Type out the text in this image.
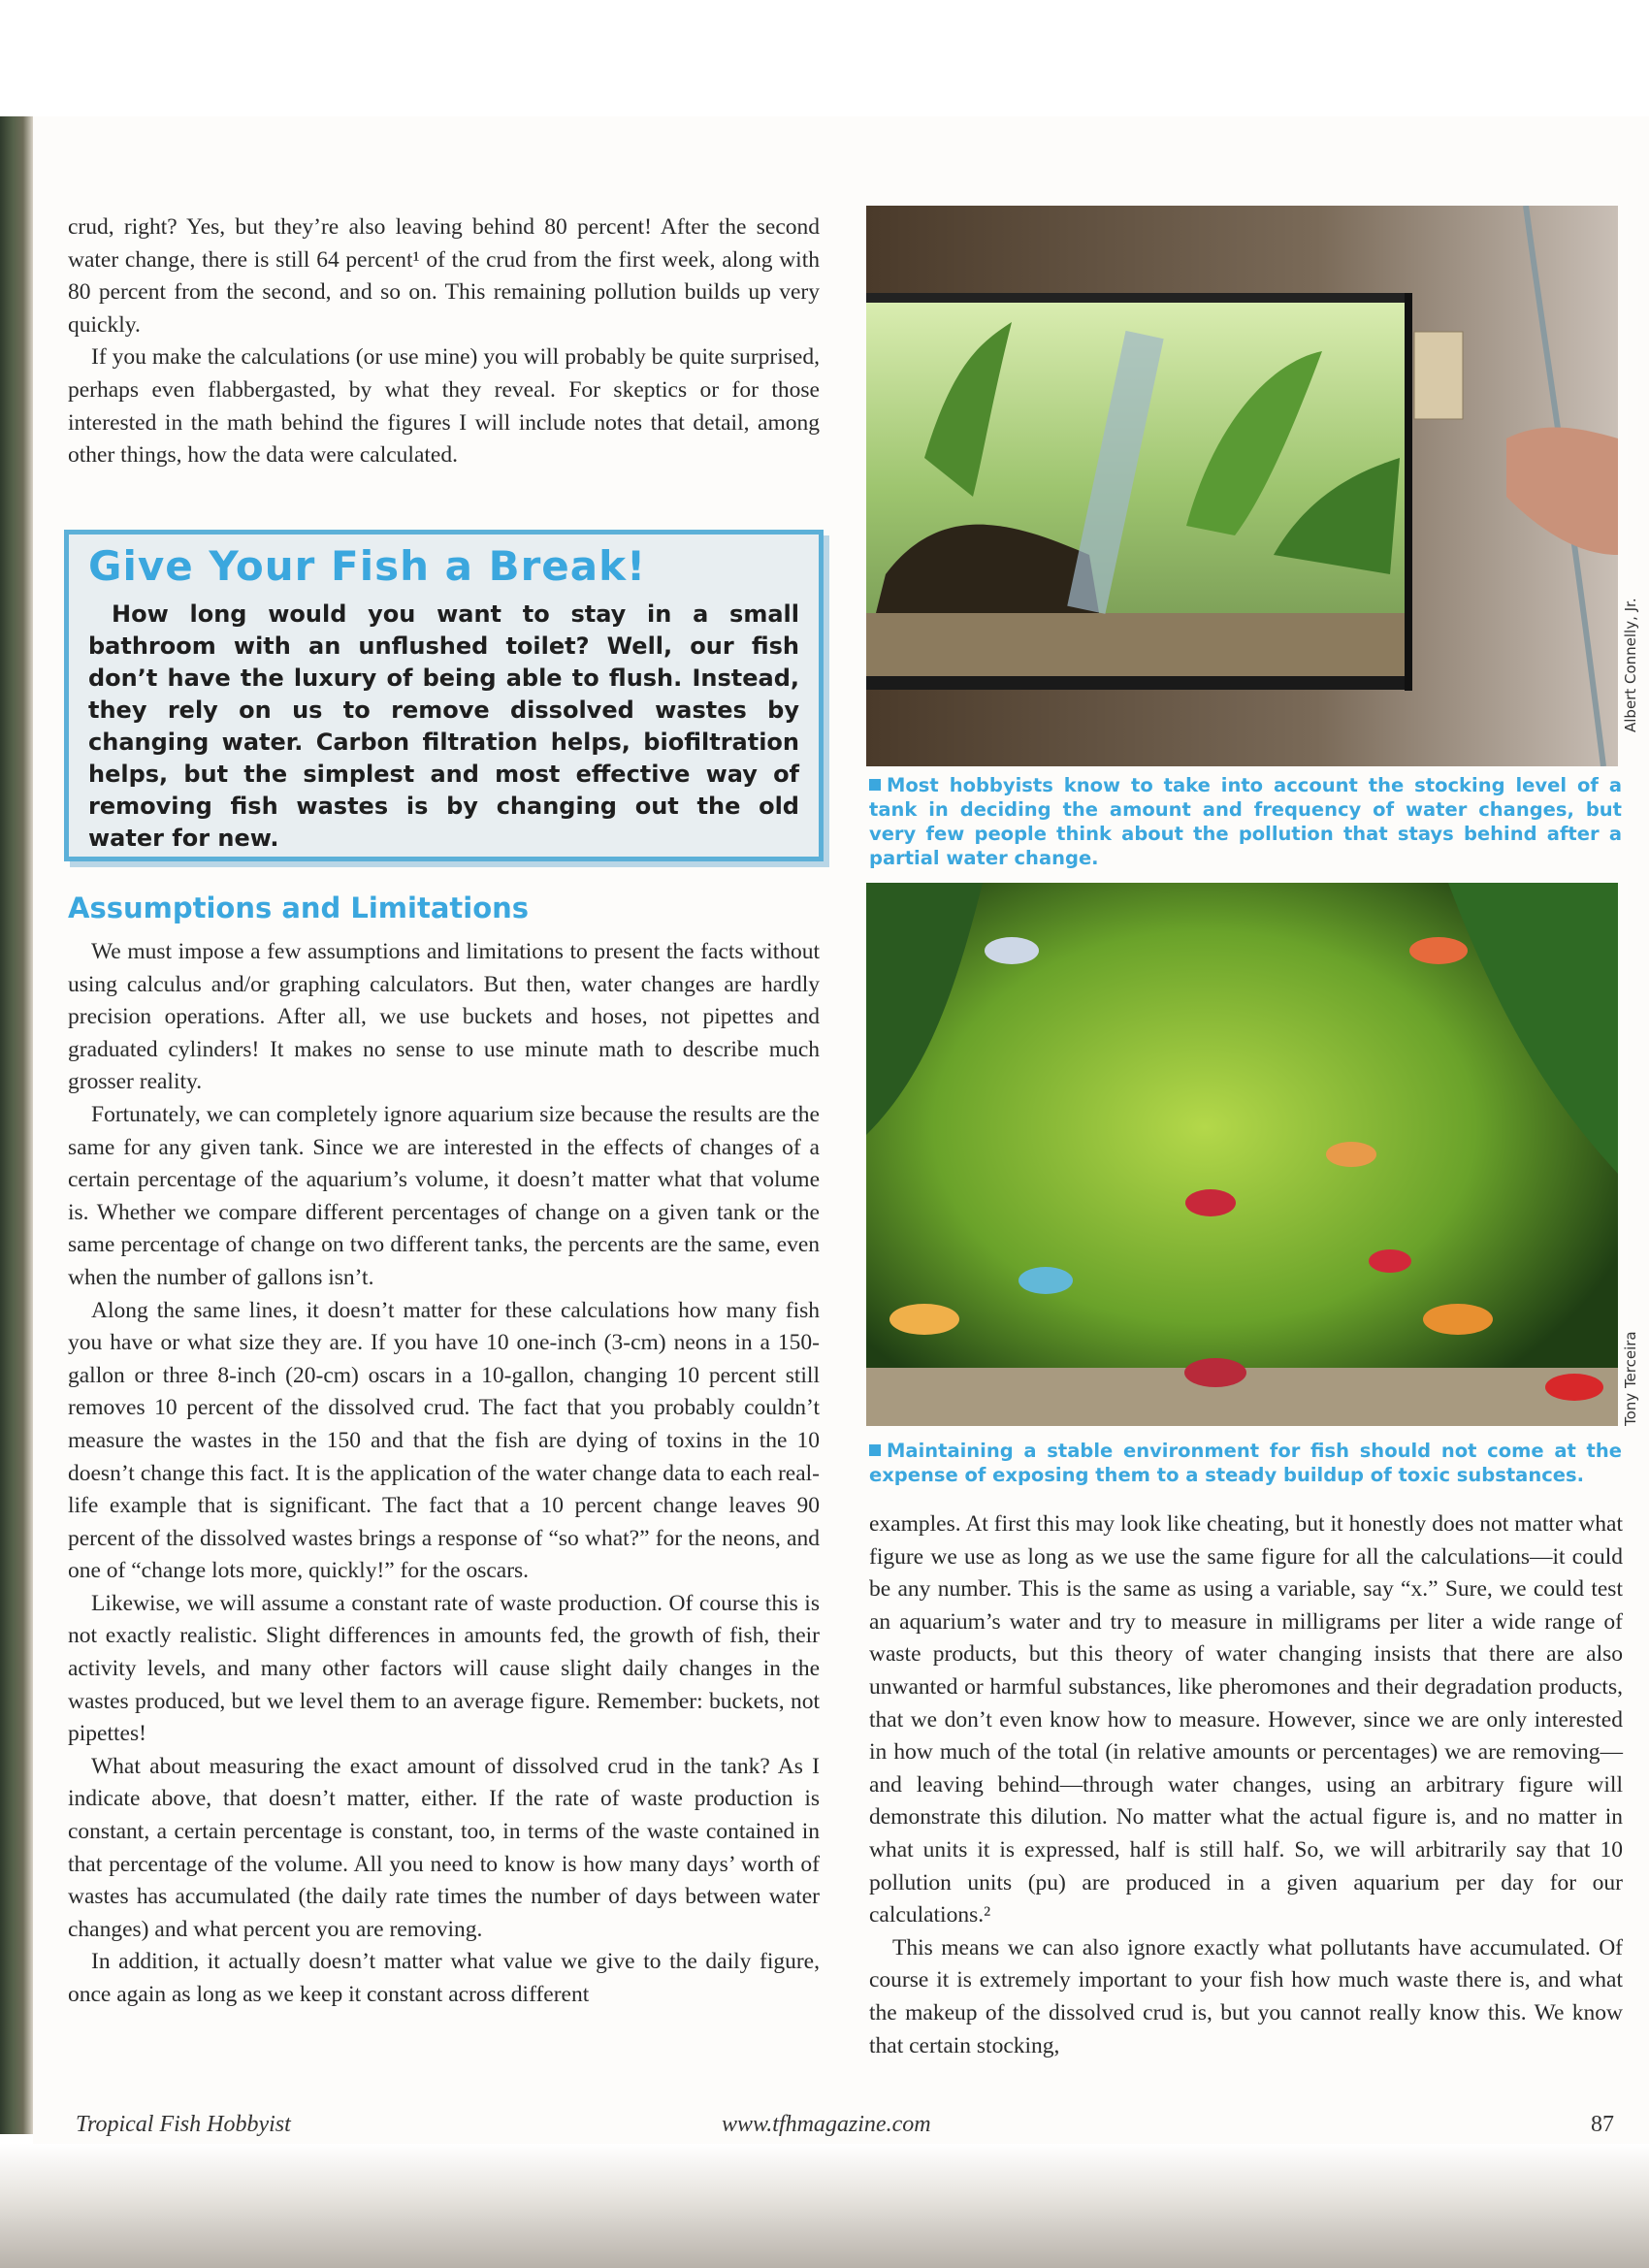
crud, right? Yes, but they’re also leaving behind 80 percent! After the second water change, there is still 64 percent¹ of the crud from the first week, along with 80 percent from the second, and so on. This remaining pollution builds up very quickly.

If you make the calculations (or use mine) you will probably be quite surprised, perhaps even flabbergasted, by what they reveal. For skeptics or for those interested in the math behind the figures I will include notes that detail, among other things, how the data were calculated.

Give Your Fish a Break!
How long would you want to stay in a small bathroom with an unflushed toilet? Well, our fish don’t have the luxury of being able to flush. Instead, they rely on us to remove dissolved wastes by changing water. Carbon filtration helps, biofiltration helps, but the simplest and most effective way of removing fish wastes is by changing out the old water for new.
Assumptions and Limitations

We must impose a few assumptions and limitations to present the facts without using calculus and/or graphing calculators. But then, water changes are hardly precision operations. After all, we use buckets and hoses, not pipettes and graduated cylinders! It makes no sense to use minute math to describe much grosser reality.

Fortunately, we can completely ignore aquarium size because the results are the same for any given tank. Since we are interested in the effects of changes of a certain percentage of the aquarium’s volume, it doesn’t matter what that volume is. Whether we compare different percentages of change on a given tank or the same percentage of change on two different tanks, the percents are the same, even when the number of gallons isn’t.

Along the same lines, it doesn’t matter for these calculations how many fish you have or what size they are. If you have 10 one-inch (3-cm) neons in a 150-gallon or three 8-inch (20-cm) oscars in a 10-gallon, changing 10 percent still removes 10 percent of the dissolved crud. The fact that you probably couldn’t measure the wastes in the 150 and that the fish are dying of toxins in the 10 doesn’t change this fact. It is the application of the water change data to each real-life example that is significant. The fact that a 10 percent change leaves 90 percent of the dissolved wastes brings a response of “so what?” for the neons, and one of “change lots more, quickly!” for the oscars.

Likewise, we will assume a constant rate of waste production. Of course this is not exactly realistic. Slight differences in amounts fed, the growth of fish, their activity levels, and many other factors will cause slight daily changes in the wastes produced, but we level them to an average figure. Remember: buckets, not pipettes!

What about measuring the exact amount of dissolved crud in the tank? As I indicate above, that doesn’t matter, either. If the rate of waste production is constant, a certain percentage is constant, too, in terms of the waste contained in that percentage of the volume. All you need to know is how many days’ worth of wastes has accumulated (the daily rate times the number of days between water changes) and what percent you are removing.

In addition, it actually doesn’t matter what value we give to the daily figure, once again as long as we keep it constant across different

Albert Connelly, Jr.
Most hobbyists know to take into account the stocking level of a tank in deciding the amount and frequency of water changes, but very few people think about the pollution that stays behind after a partial water change.
Tony Terceira
Maintaining a stable environment for fish should not come at the expense of exposing them to a steady buildup of toxic substances.

examples. At first this may look like cheating, but it honestly does not matter what figure we use as long as we use the same figure for all the calculations—it could be any number. This is the same as using a variable, say “x.” Sure, we could test an aquarium’s water and try to measure in milligrams per liter a wide range of waste products, but this theory of water changing insists that there are also unwanted or harmful substances, like pheromones and their degradation products, that we don’t even know how to measure. However, since we are only interested in how much of the total (in relative amounts or percentages) we are removing—and leaving behind—through water changes, using an arbitrary figure will demonstrate this dilution. No matter what the actual figure is, and no matter in what units it is expressed, half is still half. So, we will arbitrarily say that 10 pollution units (pu) are produced in a given aquarium per day for our calculations.²

This means we can also ignore exactly what pollutants have accumulated. Of course it is extremely important to your fish how much waste there is, and what the makeup of the dissolved crud is, but you cannot really know this. We know that certain stocking,

Tropical Fish Hobbyist	www.tfhmagazine.com	87
